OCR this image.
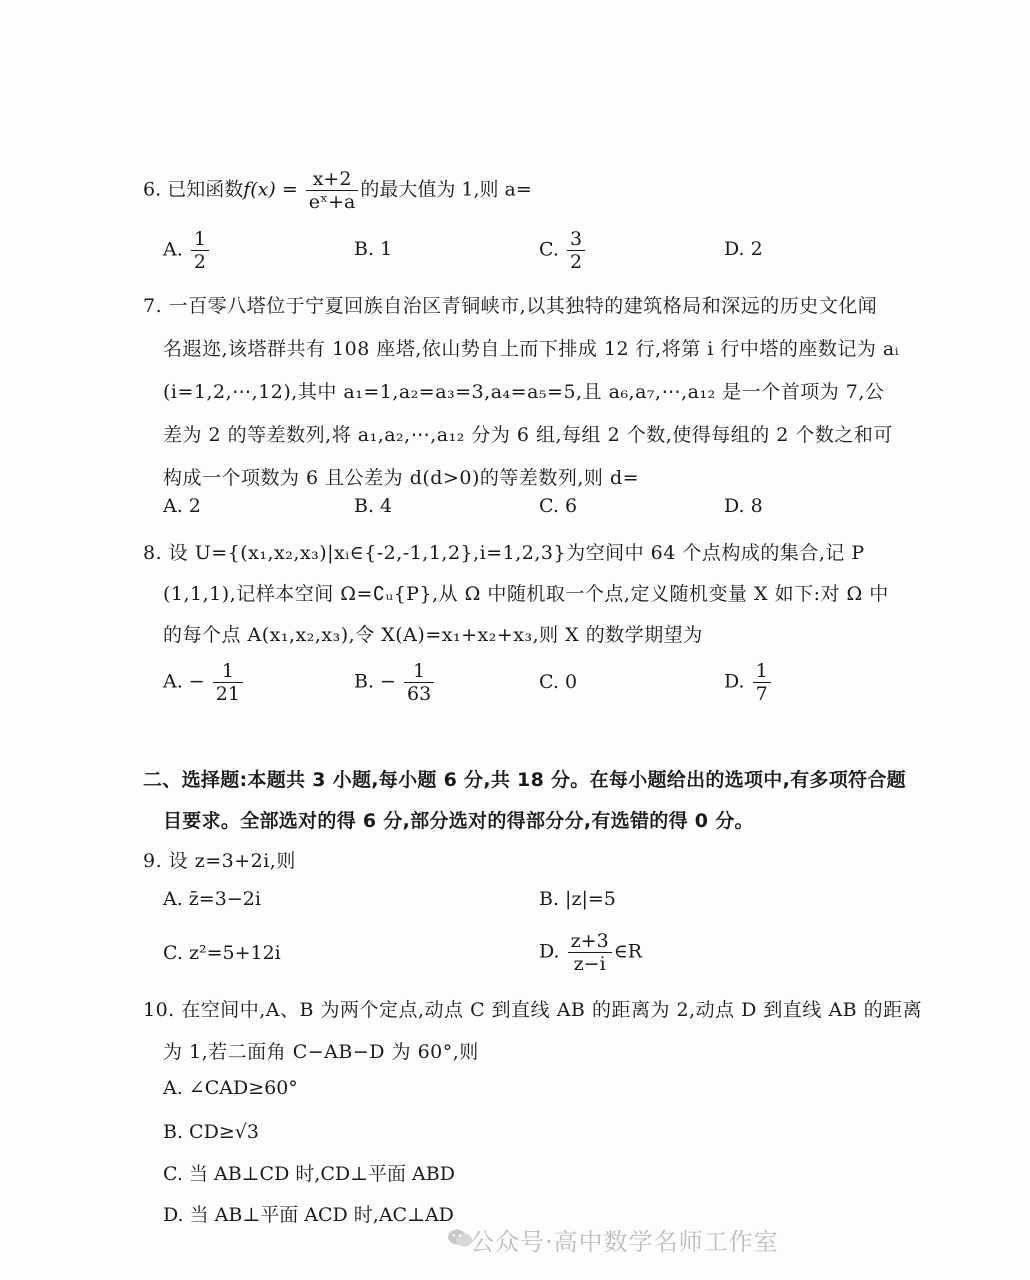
6. 已知函数$f(x) = \frac{x+2}{\text{eˣ+a}}$ 的最大值为 1,则 a=
A. $\frac{1}{2}$	B. 1	C. $\frac{3}{2}$	D. 2
7. 一百零八塔位于宁夏回族自治区青铜峡市,以其独特的建筑格局和深远的历史文化闻
名遐迩,该塔群共有 108 座塔,依山势自上而下排成 12 行,将第 i 行中塔的座数记为 aᵢ
(i=1,2,⋯,12),其中 a₁=1,a₂=a₃=3,a₄=a₅=5,且 a₆,a₇,⋯,a₁₂ 是一个首项为 7,公
差为 2 的等差数列,将 a₁,a₂,⋯,a₁₂ 分为 6 组,每组 2 个数,使得每组的 2 个数之和可
构成一个项数为 6 且公差为 d(d>0)的等差数列,则 d=
A. 2	B. 4	C. 6	D. 8
8. 设 U={(x₁,x₂,x₃)|xᵢ∈{-2,-1,1,2},i=1,2,3}为空间中 64 个点构成的集合,记 P
(1,1,1),记样本空间 Ω=∁ᵤ{P},从 Ω 中随机取一个点,定义随机变量 X 如下:对 Ω 中
的每个点 A(x₁,x₂,x₃),令 X(A)=x₁+x₂+x₃,则 X 的数学期望为
A. − $\frac{1}{21}$	B. − $\frac{1}{63}$	C. 0	D. $\frac{1}{7}$
二、选择题:本题共 3 小题,每小题 6 分,共 18 分。在每小题给出的选项中,有多项符合题
目要求。全部选对的得 6 分,部分选对的得部分分,有选错的得 0 分。
9. 设 z=3+2i,则
A. z̄=3−2i	B. |z|=5
C. z²=5+12i	D. $\frac{z+3}{z-i}$ ∈R
10. 在空间中,A、B 为两个定点,动点 C 到直线 AB 的距离为 2,动点 D 到直线 AB 的距离
为 1,若二面角 C−AB−D 为 60°,则
A. ∠CAD≥60°
B. CD≥√3
C. 当 AB⊥CD 时,CD⊥平面 ABD
D. 当 AB⊥平面 ACD 时,AC⊥AD
公众号·高中数学名师工作室
